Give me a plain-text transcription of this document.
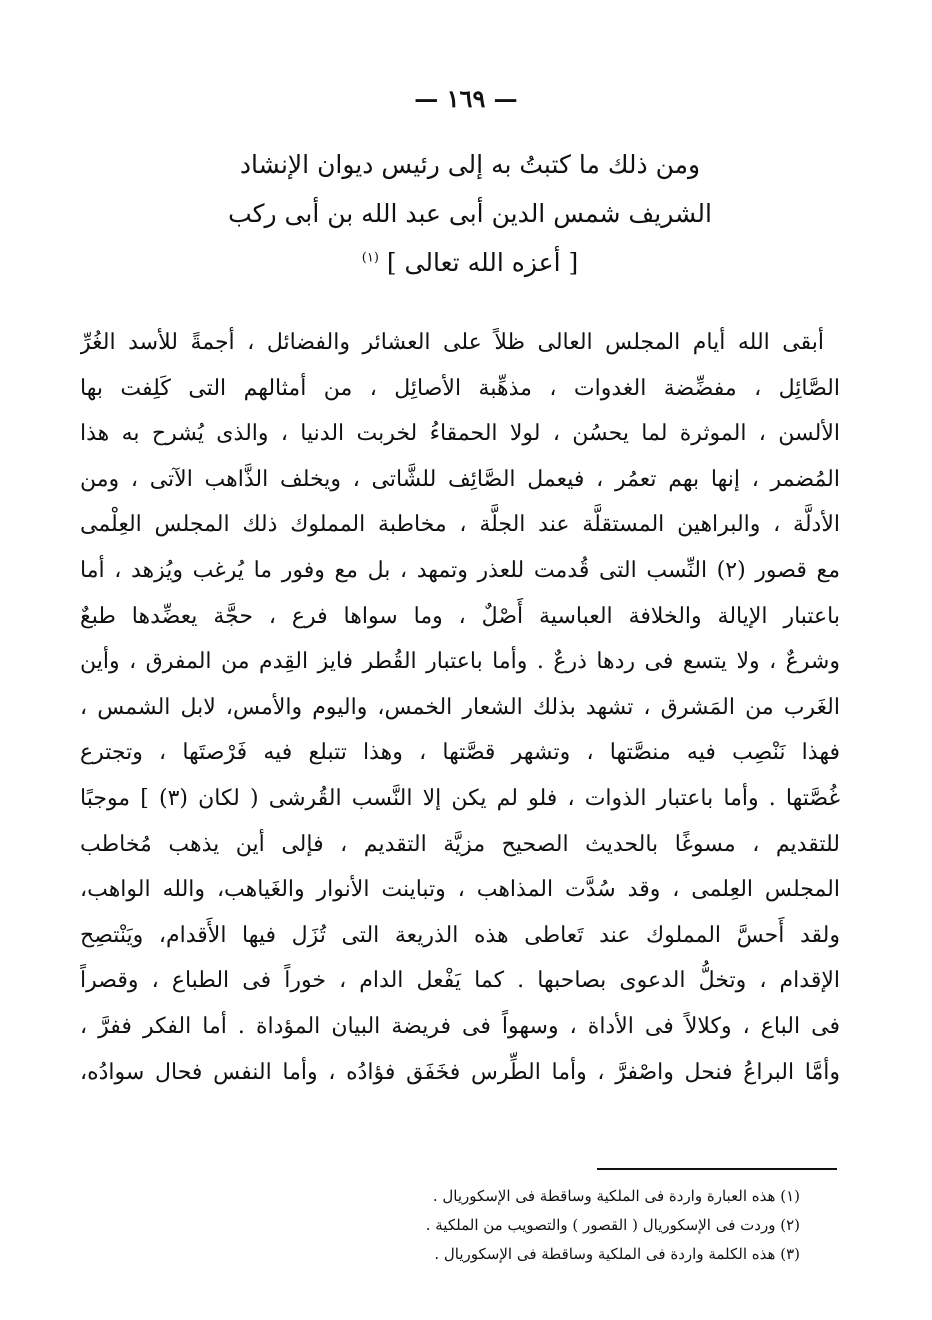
— ١٦٩ —
ومن ذلك ما كتبتُ به إلى رئيس ديوان الإنشاد
الشريف شمس الدين أبى عبد الله بن أبى ركب
[ أعزه الله تعالى ] $^{(١)}$
أبقى الله أيام المجلس العالى ظلاً على العشائر والفضائل ، أجمةً للأسد الغُرِّ
الصَّائِل ، مفضِّضة الغدوات ، مذهِّبة الأصائِل ، من أمثالهم التى كَلِفت بها
الألسن ، الموثرة لما يحسُن ، لولا الحمقاءُ لخربت الدنيا ، والذى يُشرح به هذا
المُضمر ، إنها بهم تعمُر ، فيعمل الصَّائِف للشَّاتى ، ويخلف الذَّاهب الآتى ، ومن
الأدلَّة ، والبراهين المستقلَّة عند الجلَّة ، مخاطبة المملوك ذلك المجلس العِلْمى
مع قصور (٢) النِّسب التى قُدمت للعذر وتمهد ، بل مع وفور ما يُرغب ويُزهد ، أما
باعتبار الإيالة والخلافة العباسية أَصْلٌ ، وما سواها فرع ، حجَّة يعضِّدها طبعٌ
وشرعٌ ، ولا يتسع فى ردها ذرعٌ . وأما باعتبار القُطر فايز القِدم من المفرق ، وأين
الغَرب من المَشرق ، تشهد بذلك الشعار الخمس، واليوم والأمس، لابل الشمس ،
فهذا نَنْصِب فيه منصَّتها ، وتشهر قصَّتها ، وهذا تتبلع فيه فَرْصتَها ، وتجترع
غُصَّتها . وأما باعتبار الذوات ، فلو لم يكن إلا النَّسب القُرشى ( لكان (٣) ] موجبًا
للتقديم ، مسوغًا بالحديث الصحيح مزيَّة التقديم ، فإلى أين يذهب مُخاطب
المجلس العِلمى ، وقد سُدَّت المذاهب ، وتباينت الأنوار والغَياهب، والله الواهب،
ولقد أَحسَّ المملوك عند تَعاطى هذه الذريعة التى تُزَل فيها الأَقدام، ويَنْتصِح
الإقدام ، وتخلُّ الدعوى بصاحبها . كما يَفْعل الدام ، خوراً فى الطباع ، وقصراً
فى الباع ، وكلالاً فى الأداة ، وسهواً فى فريضة البيان المؤداة . أما الفكر ففرَّ ،
وأمَّا البراعُ فنحل واصْفرَّ ، وأما الطِّرس فخَفَق فؤادُه ، وأما النفس فحال سوادُه،
(١) هذه العبارة واردة فى الملكية وساقطة فى الإسكوريال .
(٢) وردت فى الإسكوريال ( القصور ) والتصويب من الملكية .
(٣) هذه الكلمة واردة فى الملكية وساقطة فى الإسكوريال .
